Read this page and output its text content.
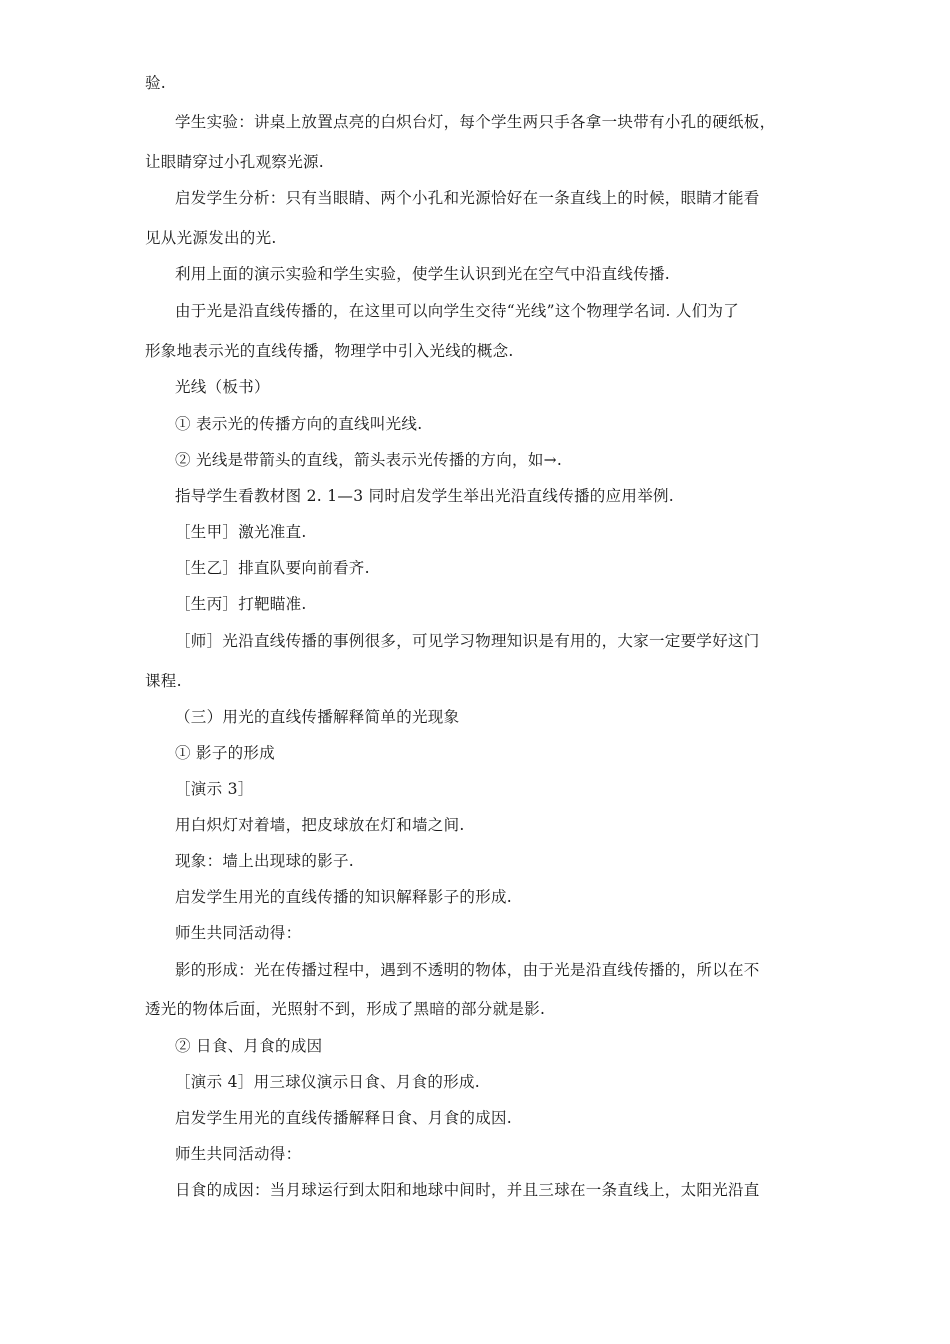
验.
学生实验：讲桌上放置点亮的白炽台灯，每个学生两只手各拿一块带有小孔的硬纸板，
让眼睛穿过小孔观察光源.
启发学生分析：只有当眼睛、两个小孔和光源恰好在一条直线上的时候，眼睛才能看
见从光源发出的光.
利用上面的演示实验和学生实验，使学生认识到光在空气中沿直线传播.
由于光是沿直线传播的，在这里可以向学生交待“光线”这个物理学名词. 人们为了
形象地表示光的直线传播，物理学中引入光线的概念.
光线（板书）
① 表示光的传播方向的直线叫光线.
② 光线是带箭头的直线，箭头表示光传播的方向，如→.
指导学生看教材图 2. 1—3 同时启发学生举出光沿直线传播的应用举例.
［生甲］激光准直.
［生乙］排直队要向前看齐.
［生丙］打靶瞄准.
［师］光沿直线传播的事例很多，可见学习物理知识是有用的，大家一定要学好这门
课程.
（三）用光的直线传播解释简单的光现象
① 影子的形成
［演示 3］
用白炽灯对着墙，把皮球放在灯和墙之间.
现象：墙上出现球的影子.
启发学生用光的直线传播的知识解释影子的形成.
师生共同活动得：
影的形成：光在传播过程中，遇到不透明的物体，由于光是沿直线传播的，所以在不
透光的物体后面，光照射不到，形成了黑暗的部分就是影.
② 日食、月食的成因
［演示 4］用三球仪演示日食、月食的形成.
启发学生用光的直线传播解释日食、月食的成因.
师生共同活动得：
日食的成因：当月球运行到太阳和地球中间时，并且三球在一条直线上，太阳光沿直
